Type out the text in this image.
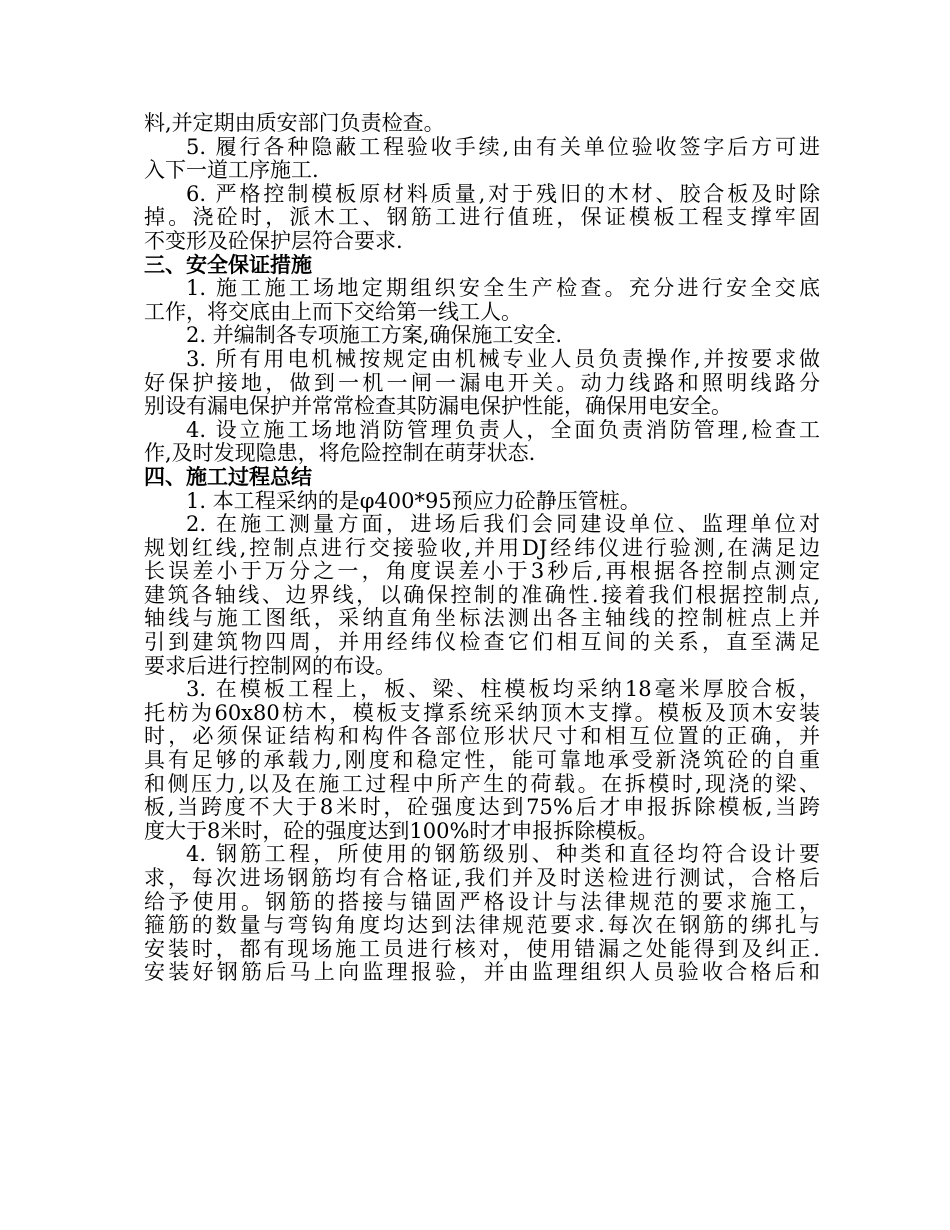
料,并定期由质安部门负责检查。
5. 履行各种隐蔽工程验收手续,由有关单位验收签字后方可进
入下一道工序施工.
6. 严格控制模板原材料质量,对于残旧的木材、胶合板及时除
掉。浇砼时，派木工、钢筋工进行值班，保证模板工程支撑牢固
不变形及砼保护层符合要求.
三、安全保证措施
1. 施工施工场地定期组织安全生产检查。充分进行安全交底
工作，将交底由上而下交给第一线工人。
2. 并编制各专项施工方案,确保施工安全.
3. 所有用电机械按规定由机械专业人员负责操作,并按要求做
好保护接地，做到一机一闸一漏电开关。动力线路和照明线路分
别设有漏电保护并常常检查其防漏电保护性能，确保用电安全。
4. 设立施工场地消防管理负责人，全面负责消防管理,检查工
作,及时发现隐患，将危险控制在萌芽状态.
四、施工过程总结
1. 本工程采纳的是φ400*95预应力砼静压管桩。
2. 在施工测量方面，进场后我们会同建设单位、监理单位对
规划红线,控制点进行交接验收,并用DJ经纬仪进行验测,在满足边
长误差小于万分之一，角度误差小于3秒后,再根据各控制点测定
建筑各轴线、边界线，以确保控制的准确性.接着我们根据控制点,
轴线与施工图纸，采纳直角坐标法测出各主轴线的控制桩点上并
引到建筑物四周，并用经纬仪检查它们相互间的关系，直至满足
要求后进行控制网的布设。
3. 在模板工程上，板、梁、柱模板均采纳18毫米厚胶合板，
托枋为60x80枋木，模板支撑系统采纳顶木支撑。模板及顶木安装
时，必须保证结构和构件各部位形状尺寸和相互位置的正确，并
具有足够的承载力,刚度和稳定性，能可靠地承受新浇筑砼的自重
和侧压力,以及在施工过程中所产生的荷载。在拆模时,现浇的梁、
板,当跨度不大于8米时，砼强度达到75%后才申报拆除模板,当跨
度大于8米时，砼的强度达到100%时才申报拆除模板。
4. 钢筋工程，所使用的钢筋级别、种类和直径均符合设计要
求，每次进场钢筋均有合格证,我们并及时送检进行测试，合格后
给予使用。钢筋的搭接与锚固严格设计与法律规范的要求施工，
箍筋的数量与弯钩角度均达到法律规范要求.每次在钢筋的绑扎与
安装时，都有现场施工员进行核对，使用错漏之处能得到及纠正.
安装好钢筋后马上向监理报验，并由监理组织人员验收合格后和
